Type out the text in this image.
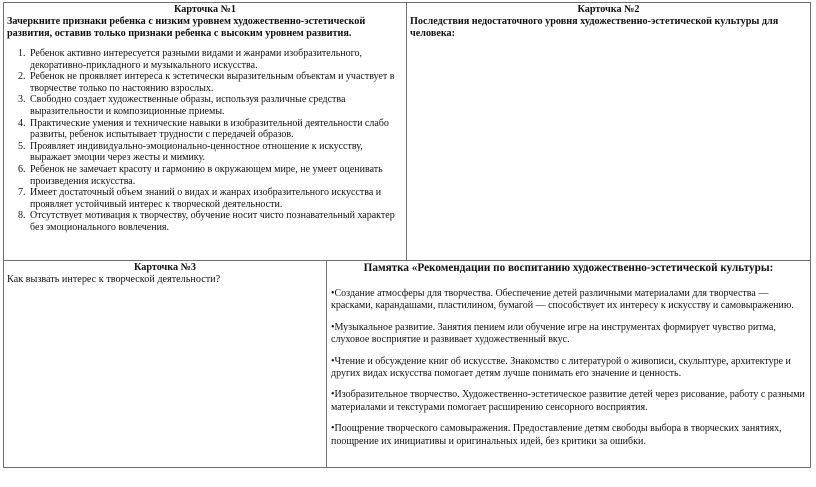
Карточка №1
Зачеркните признаки ребенка с низким уровнем художественно-эстетической развития, оставив только признаки ребенка с высоким уровнем развития.
1. Ребенок активно интересуется разными видами и жанрами изобразительного, декоративно-прикладного и музыкального искусства.
2. Ребенок не проявляет интереса к эстетически выразительным объектам и участвует в творчестве только по настоянию взрослых.
3. Свободно создает художественные образы, используя различные средства выразительности и композиционные приемы.
4. Практические умения и технические навыки в изобразительной деятельности слабо развиты, ребенок испытывает трудности с передачей образов.
5. Проявляет индивидуально-эмоционально-ценностное отношение к искусству, выражает эмоции через жесты и мимику.
6. Ребенок не замечает красоту и гармонию в окружающем мире, не умеет оценивать произведения искусства.
7. Имеет достаточный объем знаний о видах и жанрах изобразительного искусства и проявляет устойчивый интерес к творческой деятельности.
8. Отсутствует мотивация к творчеству, обучение носит чисто познавательный характер без эмоционального вовлечения.
Карточка №2
Последствия недостаточного уровня художественно-эстетической культуры для человека:
Карточка №3
Как вызвать интерес к творческой деятельности?
Памятка «Рекомендации по воспитанию художественно-эстетической культуры:

•Создание атмосферы для творчества. Обеспечение детей различными материалами для творчества — красками, карандашами, пластилином, бумагой — способствует их интересу к искусству и самовыражению.

•Музыкальное развитие. Занятия пением или обучение игре на инструментах формирует чувство ритма, слуховое восприятие и развивает художественный вкус.

•Чтение и обсуждение книг об искусстве. Знакомство с литературой о живописи, скульптуре, архитектуре и других видах искусства помогает детям лучше понимать его значение и ценность.

•Изобразительное творчество. Художественно-эстетическое развитие детей через рисование, работу с разными материалами и текстурами помогает расширению сенсорного восприятия.

•Поощрение творческого самовыражения. Предоставление детям свободы выбора в творческих занятиях, поощрение их инициативы и оригинальных идей, без критики за ошибки.
